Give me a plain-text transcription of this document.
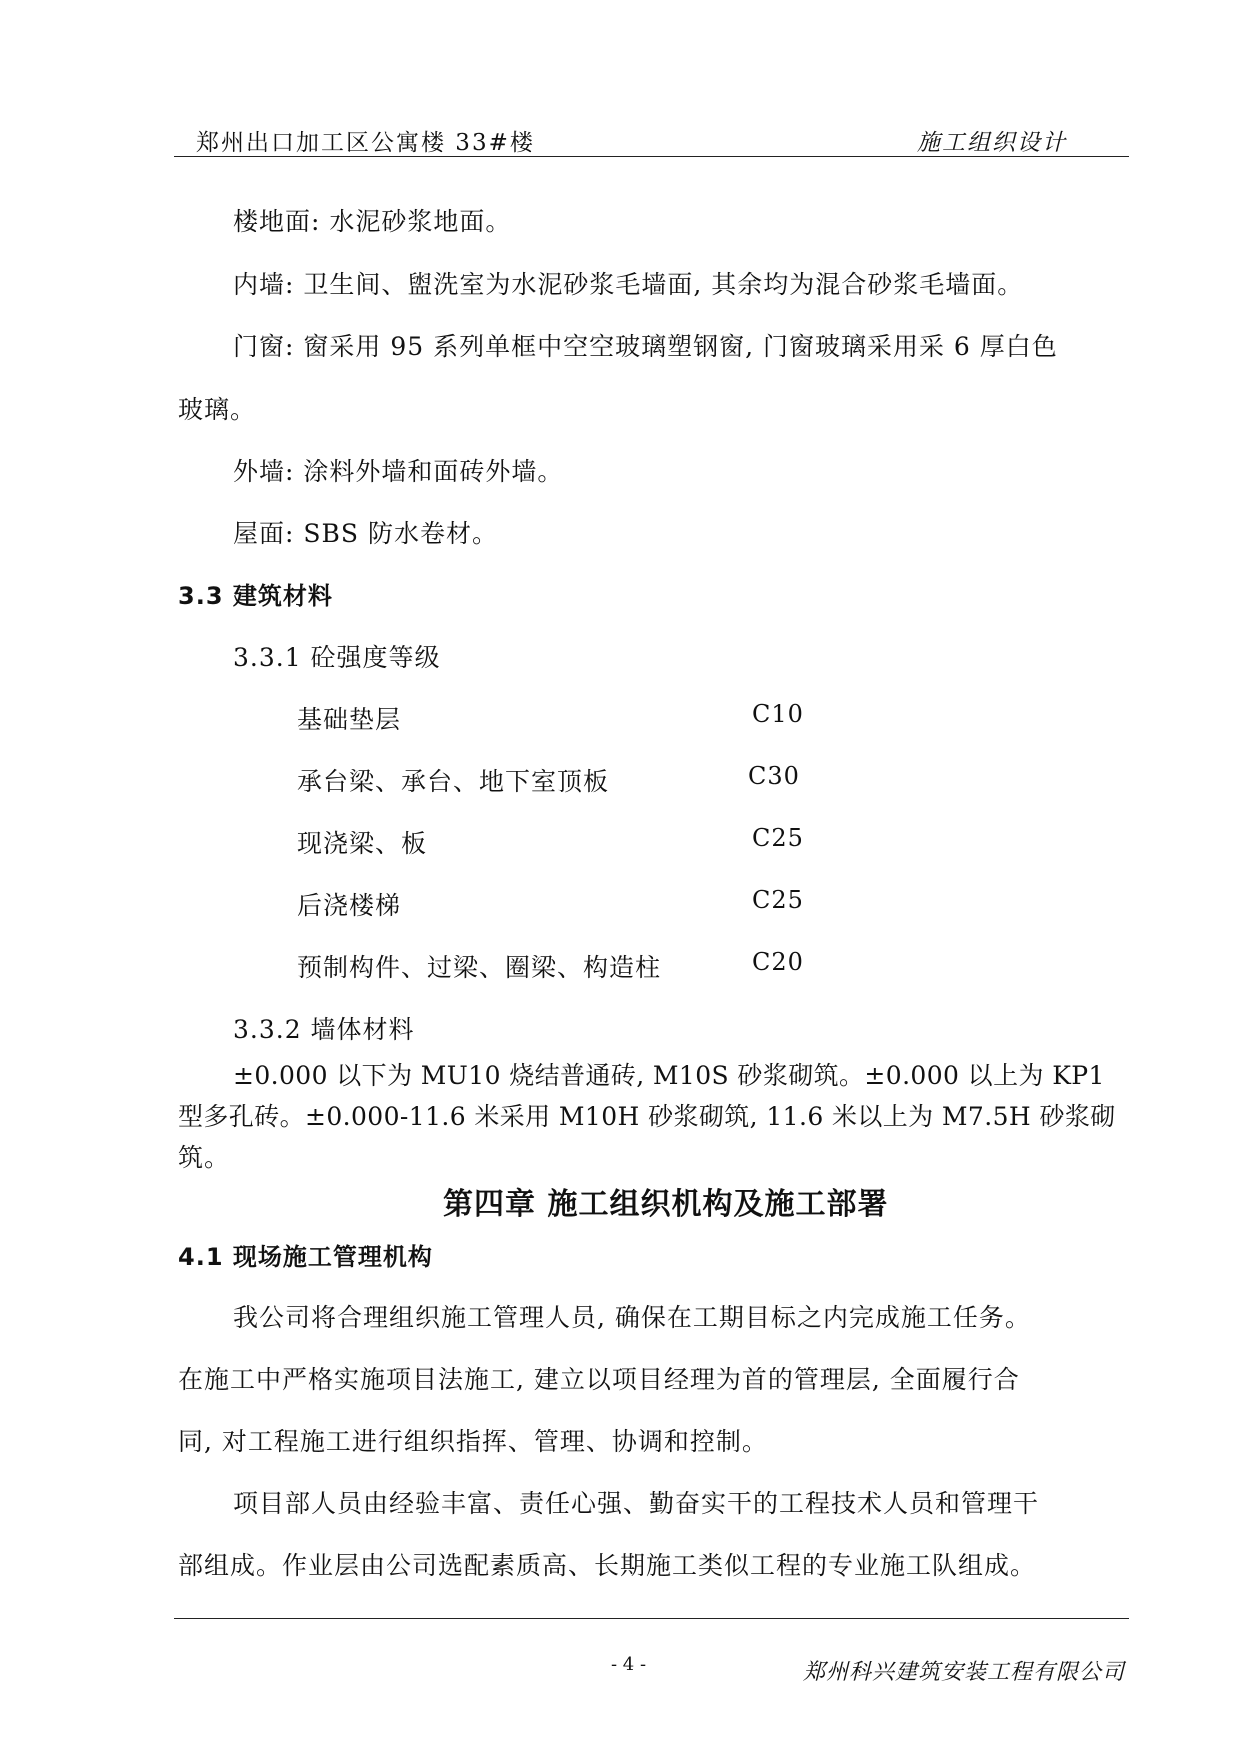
郑州出口加工区公寓楼 33#楼	施工组织设计
楼地面: 水泥砂浆地面。
内墙: 卫生间、盥洗室为水泥砂浆毛墙面, 其余均为混合砂浆毛墙面。
门窗: 窗采用 95 系列单框中空空玻璃塑钢窗, 门窗玻璃采用采 6 厚白色
玻璃。
外墙: 涂料外墙和面砖外墙。
屋面: SBS 防水卷材。
3.3 建筑材料
3.3.1 砼强度等级
基础垫层	C10
承台梁、承台、地下室顶板	C30
现浇梁、板	C25
后浇楼梯	C25
预制构件、过梁、圈梁、构造柱	C20
3.3.2 墙体材料
±0.000 以下为 MU10 烧结普通砖, M10S 砂浆砌筑。±0.000 以上为 KP1
型多孔砖。±0.000-11.6 米采用 M10H 砂浆砌筑, 11.6 米以上为 M7.5H 砂浆砌
筑。
第四章 施工组织机构及施工部署
4.1 现场施工管理机构
我公司将合理组织施工管理人员, 确保在工期目标之内完成施工任务。
在施工中严格实施项目法施工, 建立以项目经理为首的管理层, 全面履行合
同, 对工程施工进行组织指挥、管理、协调和控制。
项目部人员由经验丰富、责任心强、勤奋实干的工程技术人员和管理干
部组成。作业层由公司选配素质高、长期施工类似工程的专业施工队组成。
- 4 -	郑州科兴建筑安装工程有限公司
